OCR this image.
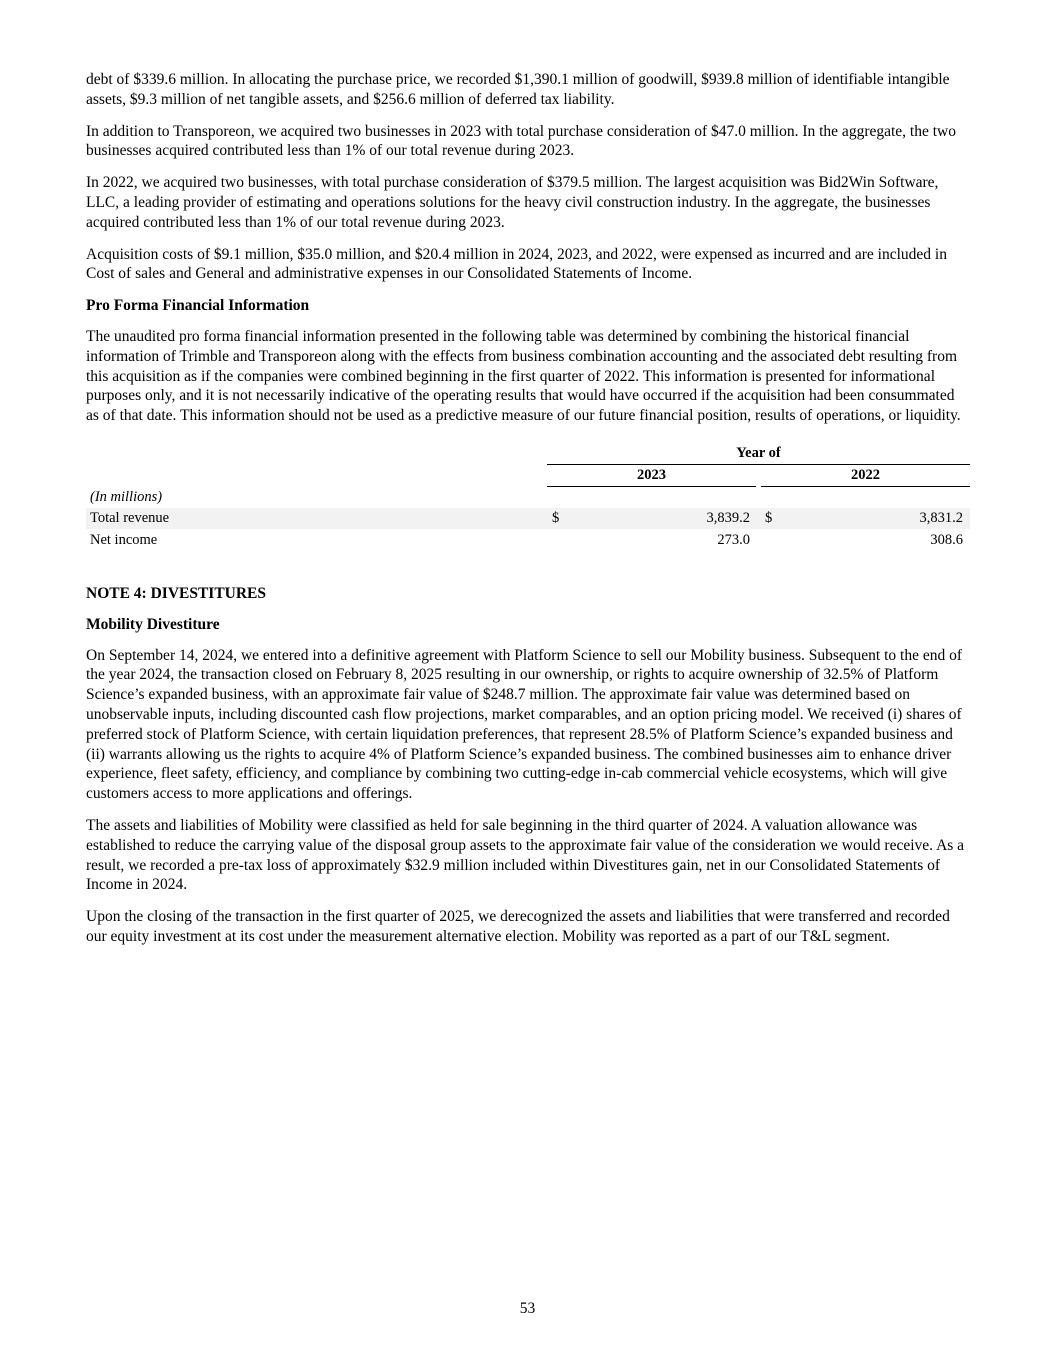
debt of $339.6 million. In allocating the purchase price, we recorded $1,390.1 million of goodwill, $939.8 million of identifiable intangible assets, $9.3 million of net tangible assets, and $256.6 million of deferred tax liability.

In addition to Transporeon, we acquired two businesses in 2023 with total purchase consideration of $47.0 million. In the aggregate, the two businesses acquired contributed less than 1% of our total revenue during 2023.

In 2022, we acquired two businesses, with total purchase consideration of $379.5 million. The largest acquisition was Bid2Win Software, LLC, a leading provider of estimating and operations solutions for the heavy civil construction industry. In the aggregate, the businesses acquired contributed less than 1% of our total revenue during 2023.

Acquisition costs of $9.1 million, $35.0 million, and $20.4 million in 2024, 2023, and 2022, were expensed as incurred and are included in Cost of sales and General and administrative expenses in our Consolidated Statements of Income.

Pro Forma Financial Information

The unaudited pro forma financial information presented in the following table was determined by combining the historical financial information of Trimble and Transporeon along with the effects from business combination accounting and the associated debt resulting from this acquisition as if the companies were combined beginning in the first quarter of 2022. This information is presented for informational purposes only, and it is not necessarily indicative of the operating results that would have occurred if the acquisition had been consummated as of that date. This information should not be used as a predictive measure of our future financial position, results of operations, or liquidity.

Year of
2023	2022
(In millions)
Total revenue	$	3,839.2 $	3,831.2
Net income	273.0	308.6

NOTE 4: DIVESTITURES

Mobility Divestiture

On September 14, 2024, we entered into a definitive agreement with Platform Science to sell our Mobility business. Subsequent to the end of the year 2024, the transaction closed on February 8, 2025 resulting in our ownership, or rights to acquire ownership of 32.5% of Platform Science’s expanded business, with an approximate fair value of $248.7 million. The approximate fair value was determined based on unobservable inputs, including discounted cash flow projections, market comparables, and an option pricing model. We received (i) shares of preferred stock of Platform Science, with certain liquidation preferences, that represent 28.5% of Platform Science’s expanded business and (ii) warrants allowing us the rights to acquire 4% of Platform Science’s expanded business. The combined businesses aim to enhance driver experience, fleet safety, efficiency, and compliance by combining two cutting-edge in-cab commercial vehicle ecosystems, which will give customers access to more applications and offerings.

The assets and liabilities of Mobility were classified as held for sale beginning in the third quarter of 2024. A valuation allowance was established to reduce the carrying value of the disposal group assets to the approximate fair value of the consideration we would receive. As a result, we recorded a pre-tax loss of approximately $32.9 million included within Divestitures gain, net in our Consolidated Statements of Income in 2024.

Upon the closing of the transaction in the first quarter of 2025, we derecognized the assets and liabilities that were transferred and recorded our equity investment at its cost under the measurement alternative election. Mobility was reported as a part of our T&L segment.

53
